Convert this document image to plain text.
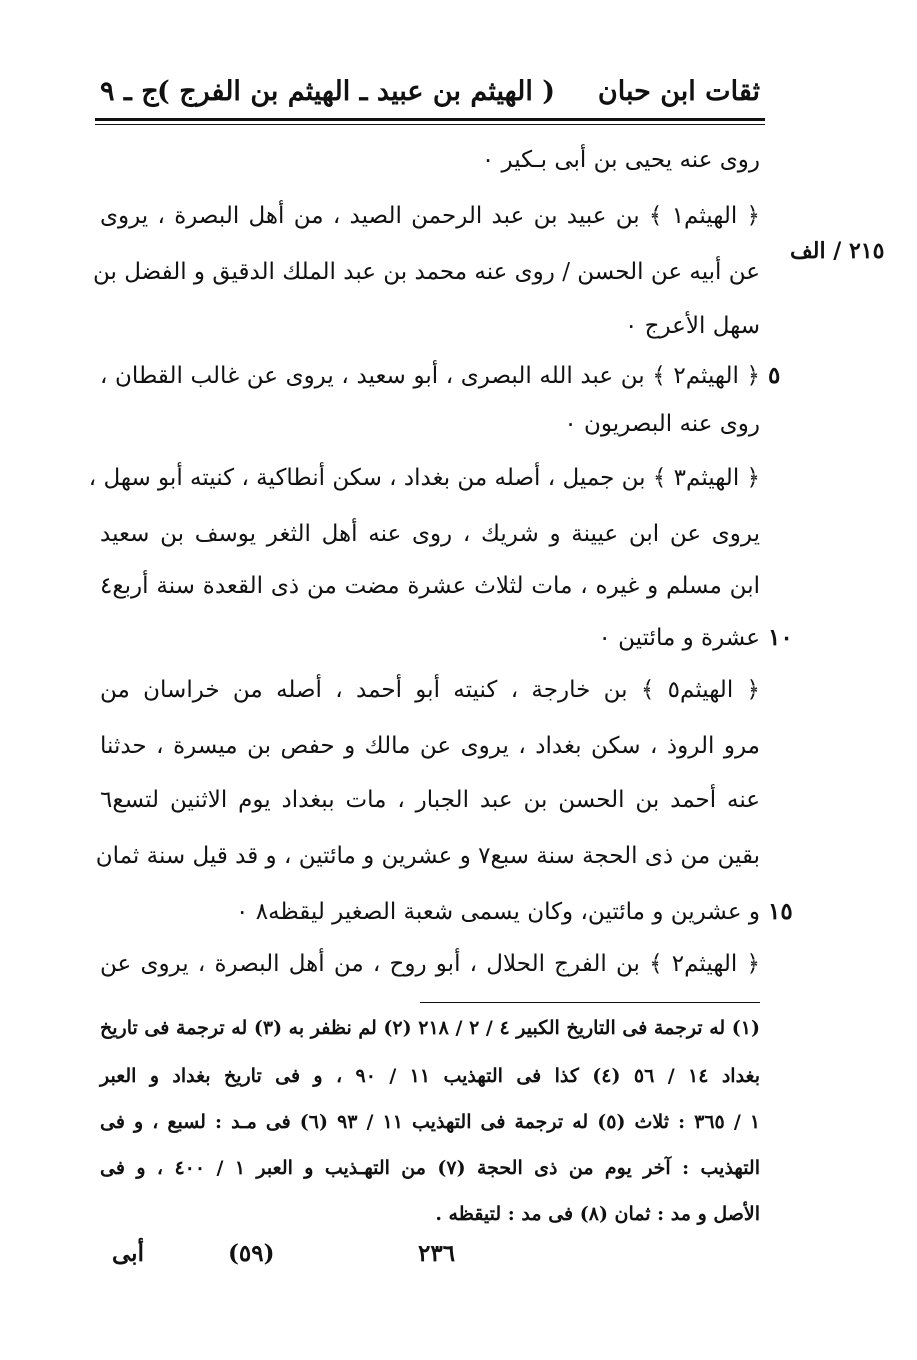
ثقات ابن حبان
( الهيثم بن عبيد ـ الهيثم بن الفرج )
ج ـ ٩
٢١٥ / الف
روى عنه يحيى بن أبى بـكير ٠
﴿ الهيثم١ ﴾ بن عبيد بن عبد الرحمن الصيد ، من أهل البصرة ، يروى
عن أبيه عن الحسن / روى عنه محمد بن عبد الملك الدقيق و الفضل بن
سهل الأعرج ٠
﴿ الهيثم٢ ﴾ بن عبد الله البصرى ، أبو سعيد ، يروى عن غالب القطان ، ٥
روى عنه البصريون ٠
﴿ الهيثم٣ ﴾ بن جميل ، أصله من بغداد ، سكن أنطاكية ، كنيته أبو سهل ،
يروى عن ابن عيينة و شريك ، روى عنه أهل الثغر يوسف بن سعيد
ابن مسلم و غيره ، مات لثلاث عشرة مضت من ذى القعدة سنة أربع٤
عشرة و مائتين ٠ ١٠
﴿ الهيثم٥ ﴾ بن خارجة ، كنيته أبو أحمد ، أصله من خراسان من
مرو الروذ ، سكن بغداد ، يروى عن مالك و حفص بن ميسرة ، حدثنا
عنه أحمد بن الحسن بن عبد الجبار ، مات ببغداد يوم الاثنين لتسع٦
بقين من ذى الحجة سنة سبع٧ و عشرين و مائتين ، و قد قيل سنة ثمان
و عشرين و مائتين، وكان يسمى شعبة الصغير ليقظه٨ ٠ ١٥
﴿ الهيثم٢ ﴾ بن الفرج الحلال ، أبو روح ، من أهل البصرة ، يروى عن
(١) له ترجمة فى التاريخ الكبير ٤ / ٢ / ٢١٨ (٢) لم نظفر به (٣) له ترجمة فى تاريخ
بغداد ١٤ / ٥٦ (٤) كذا فى التهذيب ١١ / ٩٠ ، و فى تاريخ بغداد و العبر
١ / ٣٦٥ : ثلاث (٥) له ترجمة فى التهذيب ١١ / ٩٣ (٦) فى مـد : لسبع ، و فى
التهذيب : آخر يوم من ذى الحجة (٧) من التهـذيب و العبر ١ / ٤٠٠ ، و فى
الأصل و مد : ثمان (٨) فى مد : لتيقظه .
أبى	(٥٩)	٢٣٦
